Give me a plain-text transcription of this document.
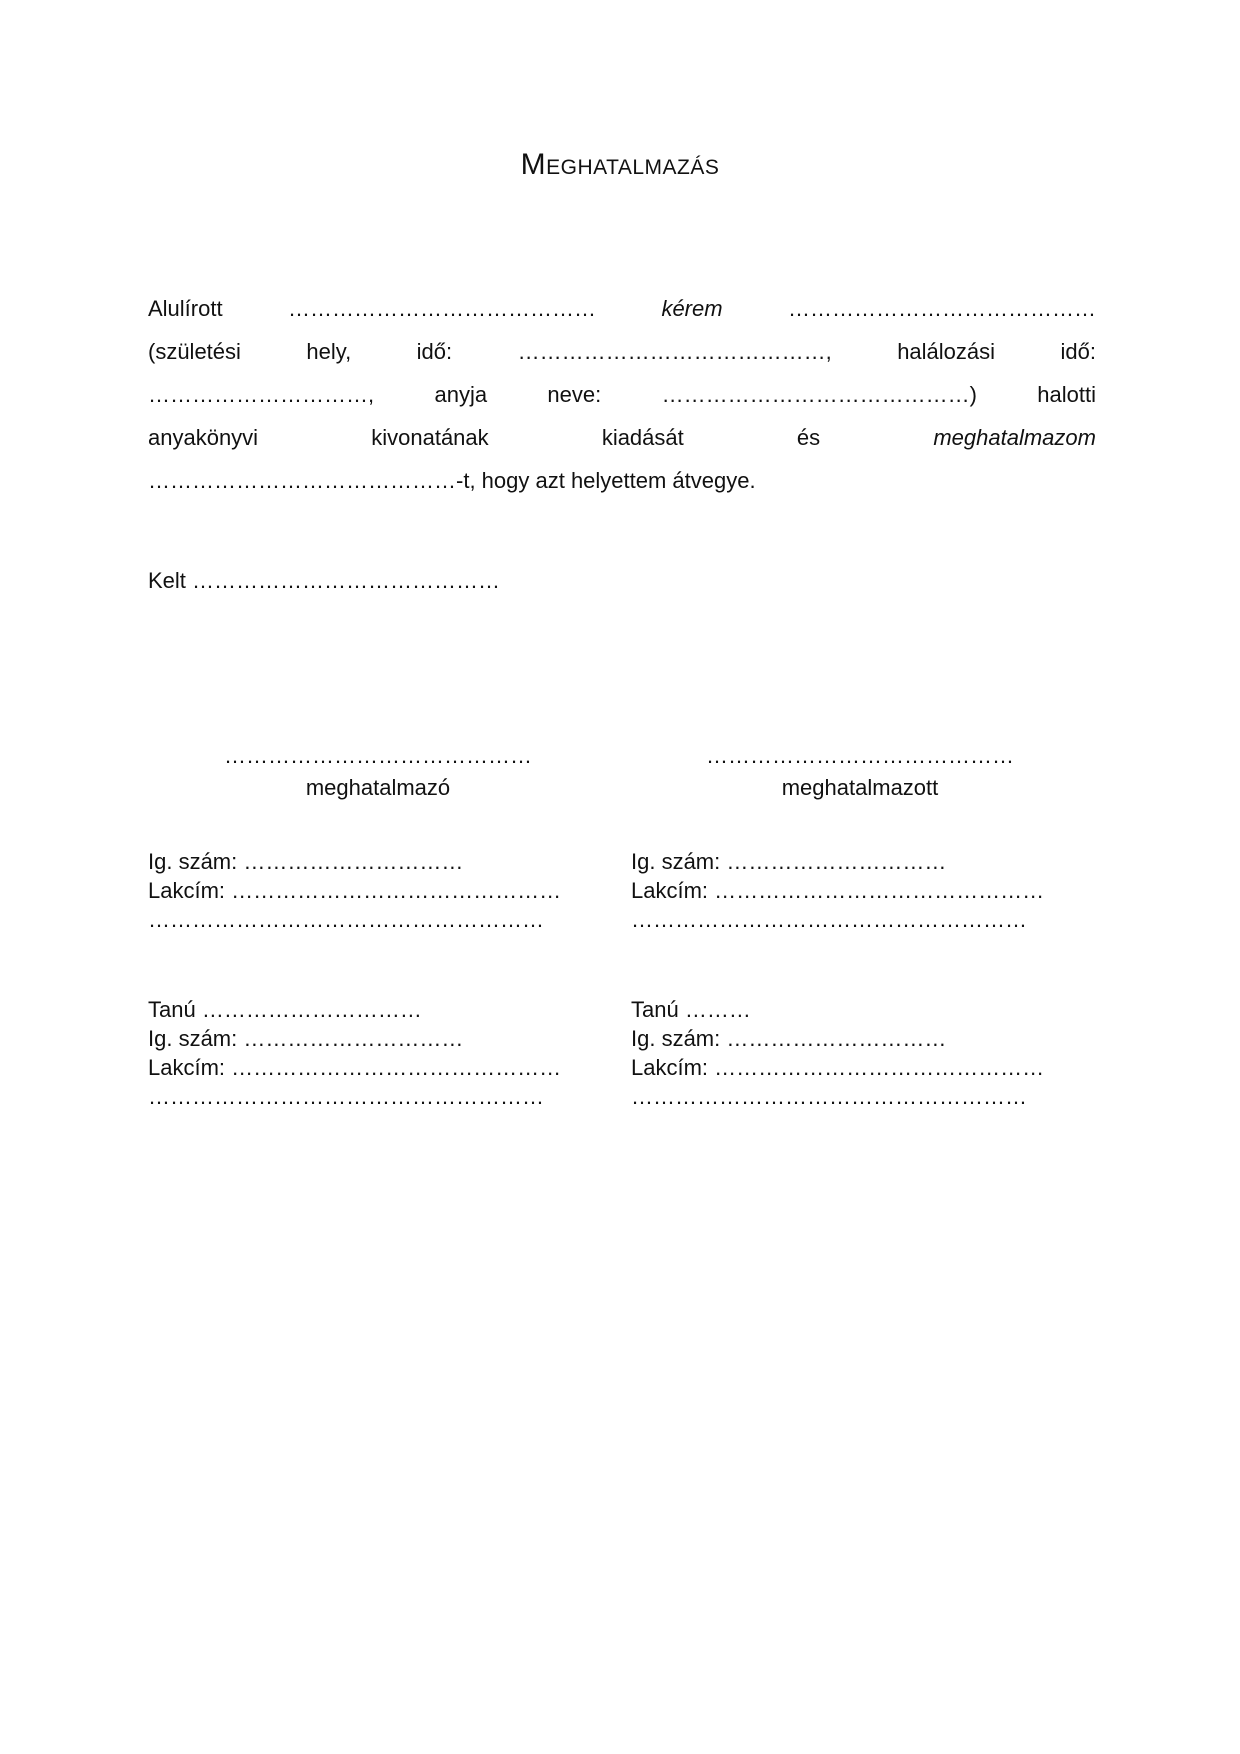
Meghatalmazás
Alulírott	……………………………………	kérem	……………………………………
(születési	hely,	idő:	……………………………………,	halálozási	idő:
…………………………,	anyja	neve:	……………………………………)	halotti
anyakönyvi	kivonatának	kiadását	és	meghatalmazom
……………………………………-t, hogy azt helyettem átvegye.
Kelt ……………………………………
……………………………………
meghatalmazó
……………………………………
meghatalmazott
Ig. szám: …………………………
Lakcím: ………………………………………
………………………………………………
Ig. szám: …………………………
Lakcím: ………………………………………
………………………………………………
Tanú …………………………
Ig. szám: …………………………
Lakcím: ………………………………………
………………………………………………
Tanú ………
Ig. szám: …………………………
Lakcím: ………………………………………
………………………………………………
